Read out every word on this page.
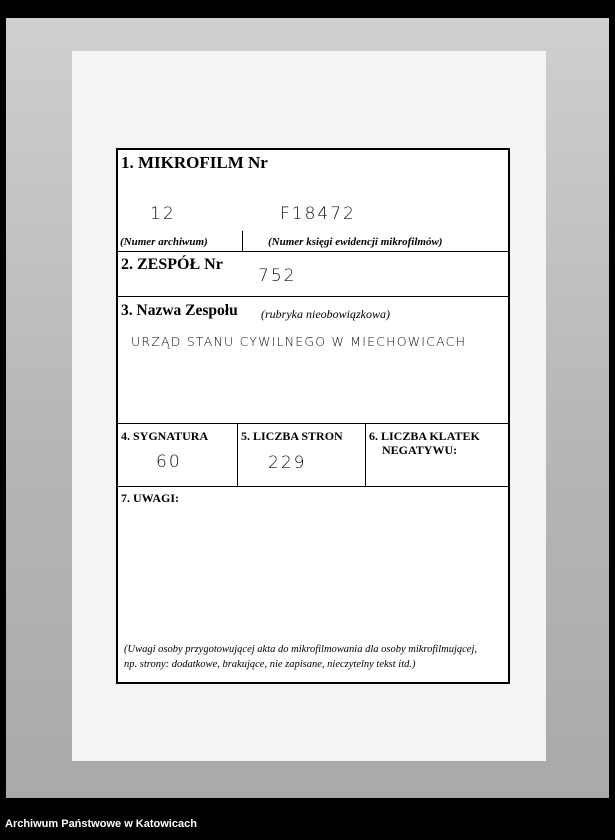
1. MIKROFILM Nr
12	F18472
(Numer archiwum)	(Numer księgi ewidencji mikrofilmów)
2. ZESPÓŁ Nr
752
3. Nazwa Zespołu (rubryka nieobowiązkowa)
URZĄD STANU CYWILNEGO W MIECHOWICACH
4. SYGNATURA
60
5. LICZBA STRON
229
6. LICZBA KLATEK
NEGATYWU:
7. UWAGI:
(Uwagi osoby przygotowującej akta do mikrofilmowania dla osoby mikrofilmującej,
np. strony: dodatkowe, brakujące, nie zapisane, nieczytelny tekst itd.)
Archiwum Państwowe w Katowicach
